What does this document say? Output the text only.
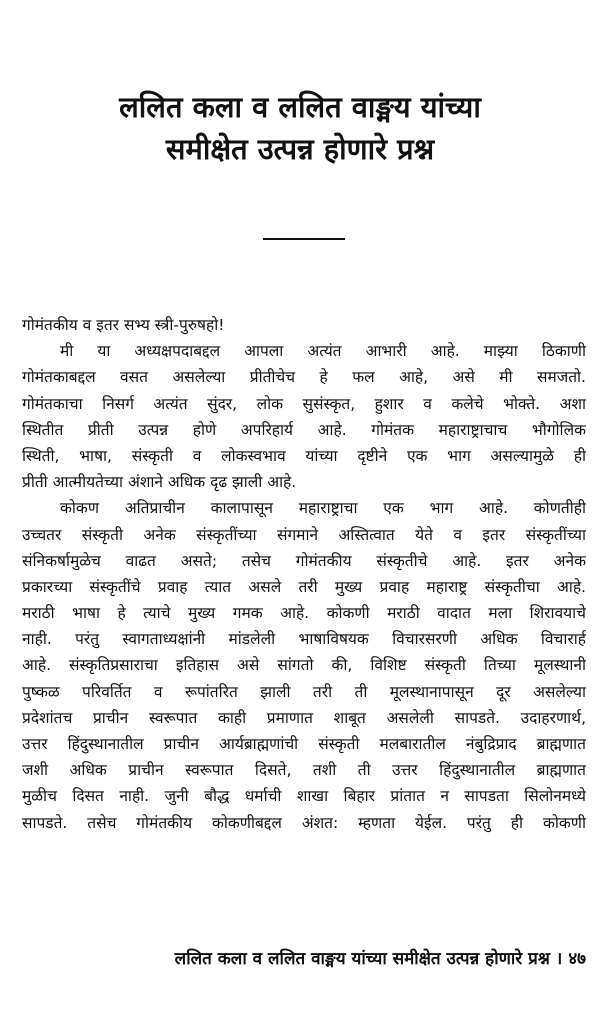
ललित कला व ललित वाङ्मय यांच्या
समीक्षेत उत्पन्न होणारे प्रश्न
गोमंतकीय व इतर सभ्य स्त्री-पुरुषहो!
मी या अध्यक्षपदाबद्दल आपला अत्यंत आभारी आहे. माझ्या ठिकाणी
गोमंतकाबद्दल वसत असलेल्या प्रीतीचेच हे फल आहे, असे मी समजतो.
गोमंतकाचा निसर्ग अत्यंत सुंदर, लोक सुसंस्कृत, हुशार व कलेचे भोक्ते. अशा
स्थितीत प्रीती उत्पन्न होणे अपरिहार्य आहे. गोमंतक महाराष्ट्राचाच भौगोलिक
स्थिती, भाषा, संस्कृती व लोकस्वभाव यांच्या दृष्टीने एक भाग असल्यामुळे ही
प्रीती आत्मीयतेच्या अंशाने अधिक दृढ झाली आहे.
कोकण अतिप्राचीन कालापासून महाराष्ट्राचा एक भाग आहे. कोणतीही
उच्चतर संस्कृती अनेक संस्कृतींच्या संगमाने अस्तित्वात येते व इतर संस्कृतींच्या
संनिकर्षामुळेच वाढत असते; तसेच गोमंतकीय संस्कृतीचे आहे. इतर अनेक
प्रकारच्या संस्कृतींचे प्रवाह त्यात असले तरी मुख्य प्रवाह महाराष्ट्र संस्कृतीचा आहे.
मराठी भाषा हे त्याचे मुख्य गमक आहे. कोकणी मराठी वादात मला शिरावयाचे
नाही. परंतु स्वागताध्यक्षांनी मांडलेली भाषाविषयक विचारसरणी अधिक विचारार्ह
आहे. संस्कृतिप्रसाराचा इतिहास असे सांगतो की, विशिष्ट संस्कृती तिच्या मूलस्थानी
पुष्कळ परिवर्तित व रूपांतरित झाली तरी ती मूलस्थानापासून दूर असलेल्या
प्रदेशांतच प्राचीन स्वरूपात काही प्रमाणात शाबूत असलेली सापडते. उदाहरणार्थ,
उत्तर हिंदुस्थानातील प्राचीन आर्यब्राह्मणांची संस्कृती मलबारातील नंबुद्रिप्राद ब्राह्मणात
जशी अधिक प्राचीन स्वरूपात दिसते, तशी ती उत्तर हिंदुस्थानातील ब्राह्मणात
मुळीच दिसत नाही. जुनी बौद्ध धर्माची शाखा बिहार प्रांतात न सापडता सिलोनमध्ये
सापडते. तसेच गोमंतकीय कोकणीबद्दल अंशत: म्हणता येईल. परंतु ही कोकणी
ललित कला व ललित वाङ्मय यांच्या समीक्षेत उत्पन्न होणारे प्रश्न । ४७
